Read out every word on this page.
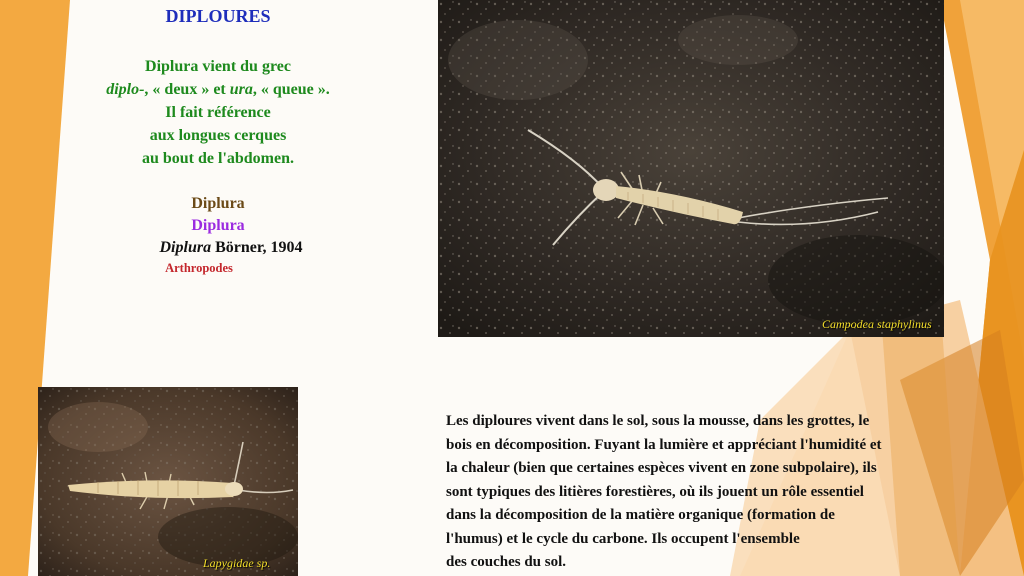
DIPLOURES
Diplura vient du grec
diplo-, « deux » et ura, « queue ».
Il fait référence
aux longues cerques
au bout de l'abdomen.
Diplura
Diplura
Diplura Börner, 1904
Arthropodes
Campodea staphylinus
Lapygidae sp.
Les diploures vivent dans le sol, sous la mousse, dans les grottes, le
bois en décomposition. Fuyant la lumière et appréciant l'humidité et
la chaleur (bien que certaines espèces vivent en zone subpolaire), ils
sont typiques des litières forestières, où ils jouent un rôle essentiel
dans la décomposition de la matière organique (formation de
l'humus) et le cycle du carbone. Ils occupent l'ensemble
des couches du sol.
